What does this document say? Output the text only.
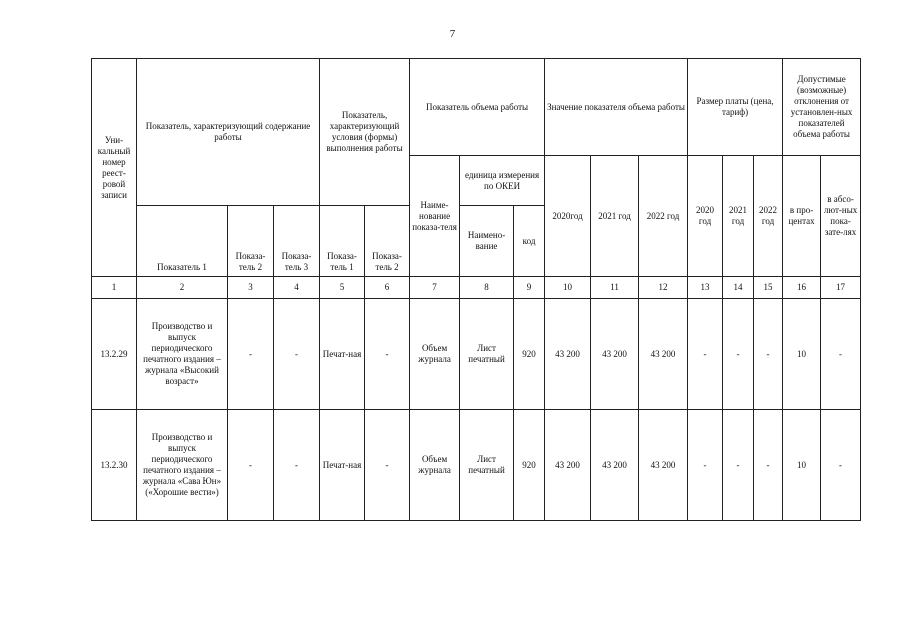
7
Уни-кальный номер реест-ровой записи	Показатель, характеризующий содержание работы			Показатель, характеризующий условия (формы) выполнения работы		Показатель объема работы			Значение показателя объема работы			Размер платы (цена, тариф)			Допустимые (возможные) отклонения от установлен-ных показателей объема работы	
						Наиме-нование показа-теля	единица измерения по ОКЕИ		2020год	2021 год	2022 год	2020 год	2021 год	2022 год	в про-центах	в абсо-лют-ных пока-зате-лях
	Показатель 1	Показа-тель 2	Показа-тель 3	Показа-тель 1	Показа-тель 2		Наимено-вание	код								
1	2	3	4	5	6	7	8	9	10	11	12	13	14	15	16	17
13.2.29	Производство и выпуск периодического печатного издания – журнала «Высокий возраст»	-	-	Печат-ная	-	Объем журнала	Лист печатный	920	43 200	43 200	43 200	-	-	-	10	-
13.2.30	Производство и выпуск периодического печатного издания – журнала «Сава Юн» («Хорошие вести»)	-	-	Печат-ная	-	Объем журнала	Лист печатный	920	43 200	43 200	43 200	-	-	-	10	-
